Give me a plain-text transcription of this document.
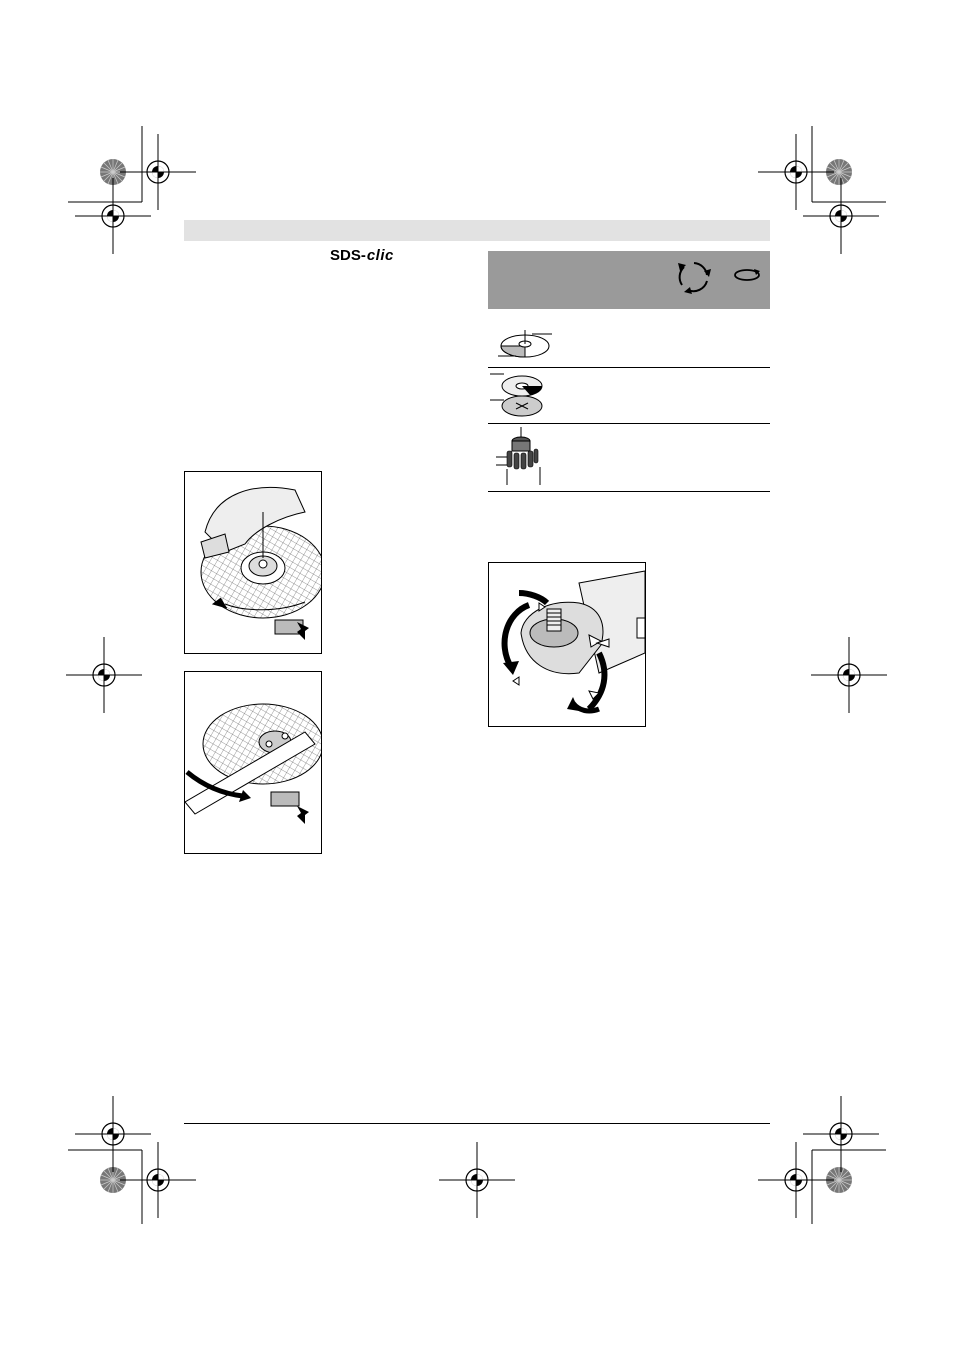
SDS- clic
